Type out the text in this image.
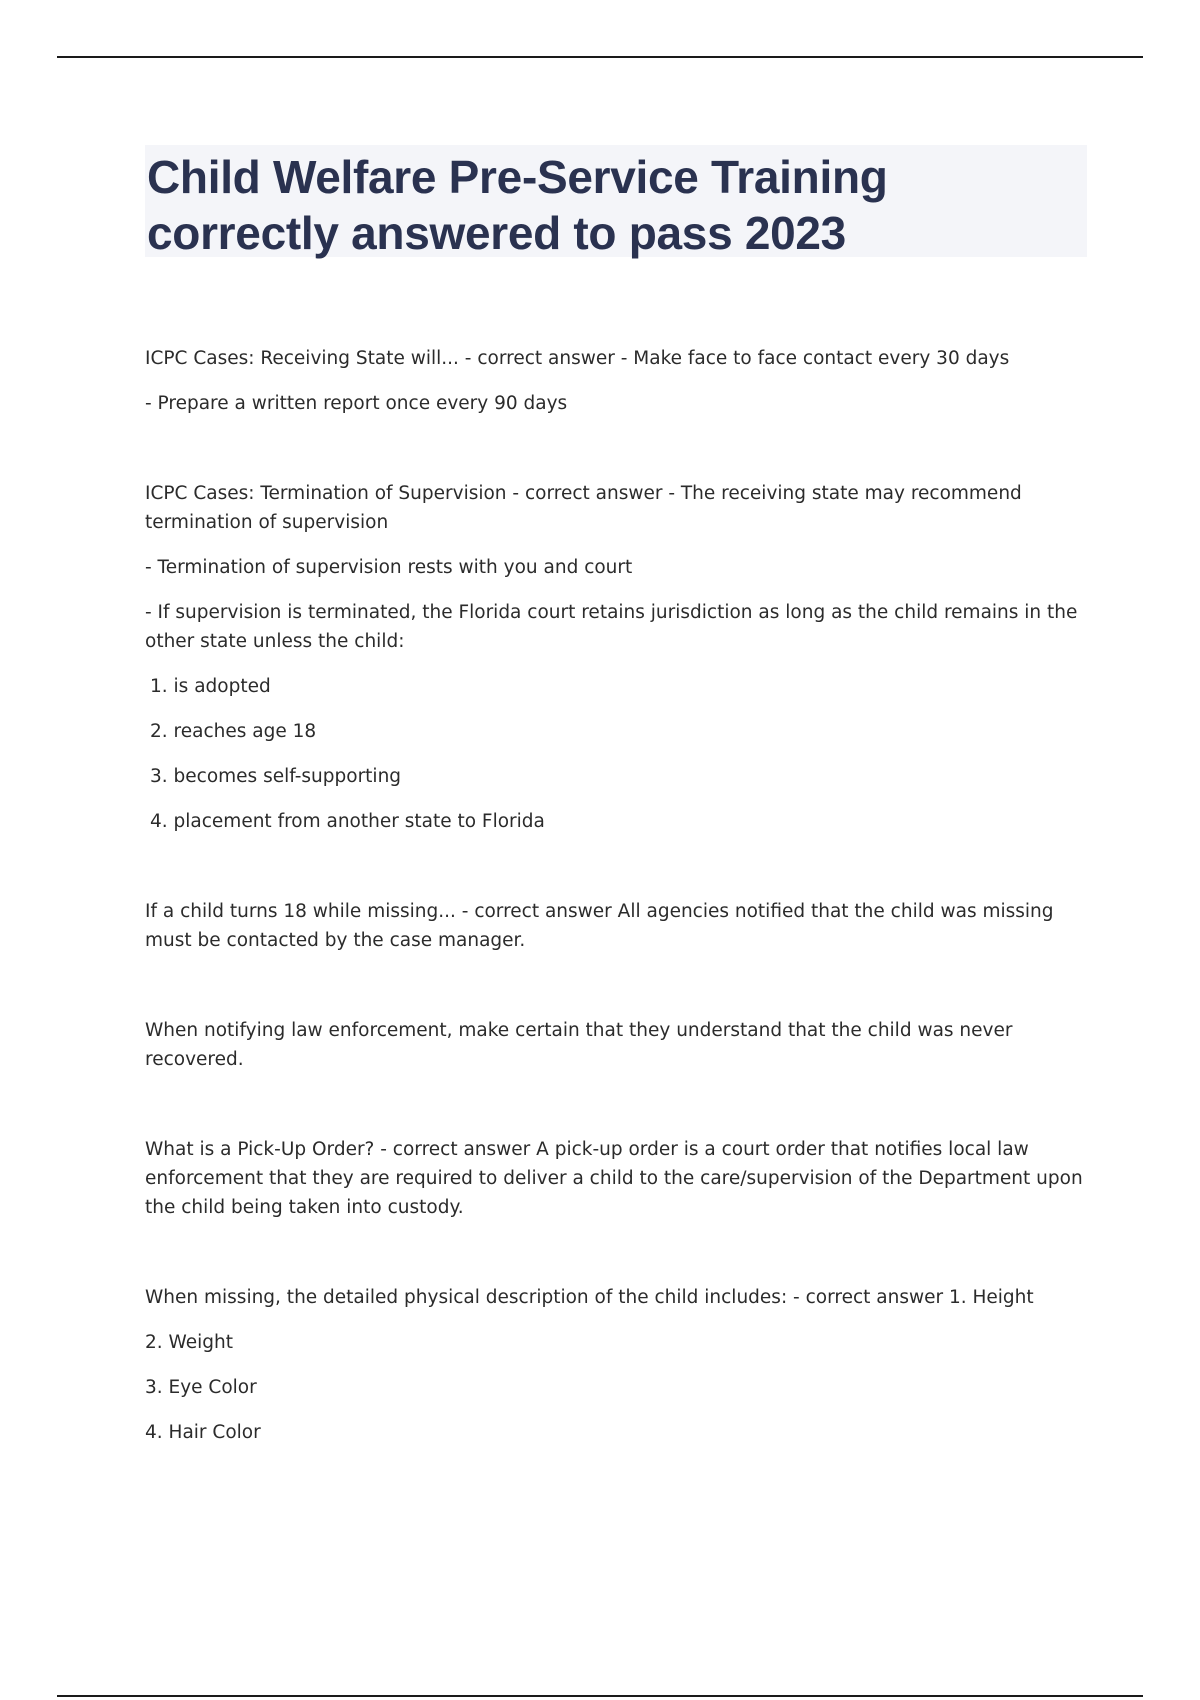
Child Welfare Pre-Service Training correctly answered to pass 2023

ICPC Cases: Receiving State will... - correct answer - Make face to face contact every 30 days

- Prepare a written report once every 90 days

ICPC Cases: Termination of Supervision - correct answer - The receiving state may recommend termination of supervision

- Termination of supervision rests with you and court

- If supervision is terminated, the Florida court retains jurisdiction as long as the child remains in the other state unless the child:

1. is adopted

2. reaches age 18

3. becomes self-supporting

4. placement from another state to Florida

If a child turns 18 while missing... - correct answer All agencies notified that the child was missing must be contacted by the case manager.

When notifying law enforcement, make certain that they understand that the child was never recovered.

What is a Pick-Up Order? - correct answer A pick-up order is a court order that notifies local law enforcement that they are required to deliver a child to the care/supervision of the Department upon the child being taken into custody.

When missing, the detailed physical description of the child includes: - correct answer 1. Height

2. Weight

3. Eye Color

4. Hair Color
